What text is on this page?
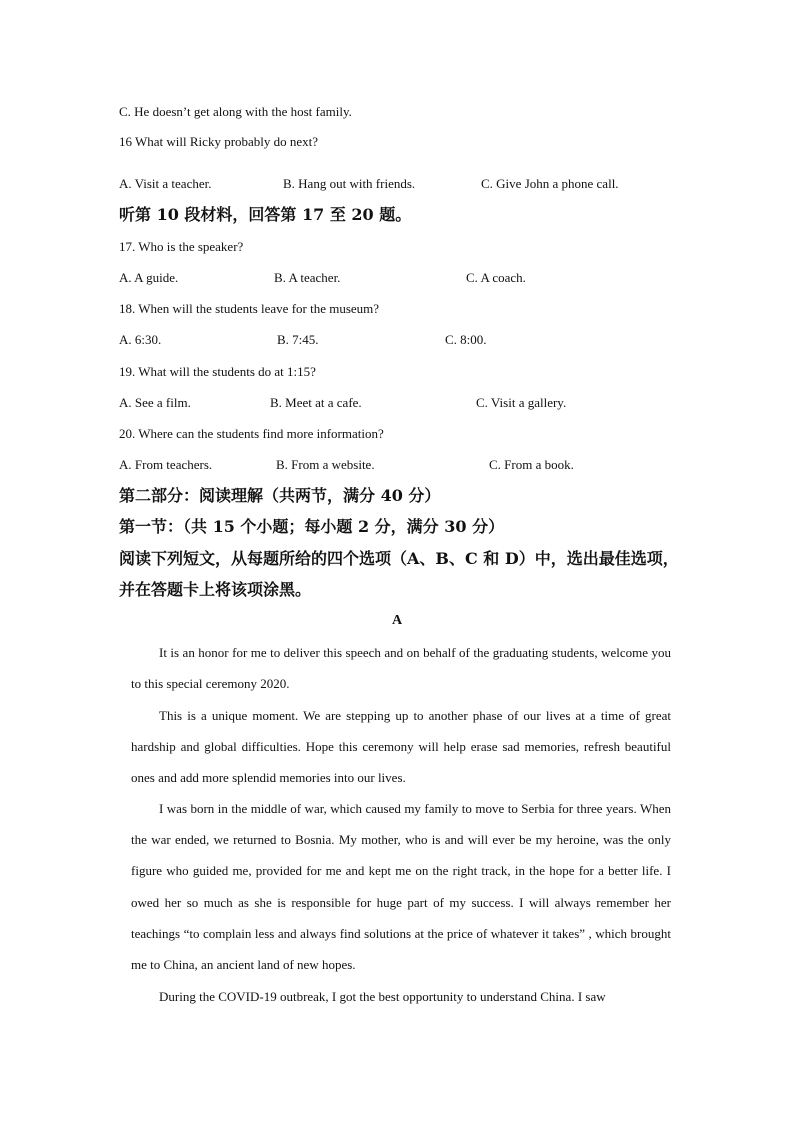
C. He doesn’t get along with the host family.
16 What will Ricky probably do next?
A. Visit a teacher.	B. Hang out with friends.	C. Give John a phone call.
听第 10 段材料，回答第 17 至 20 题。
17. Who is the speaker?
A. A guide.	B. A teacher.	C. A coach.
18. When will the students leave for the museum?
A. 6:30.	B. 7:45.	C. 8:00.
19. What will the students do at 1:15?
A. See a film.	B. Meet at a cafe.	C. Visit a gallery.
20. Where can the students find more information?
A. From teachers.	B. From a website.	C. From a book.
第二部分：阅读理解（共两节，满分 40 分）
第一节：（共 15 个小题；每小题 2 分，满分 30 分）
阅读下列短文，从每题所给的四个选项（A、B、C 和 D）中，选出最佳选项，
并在答题卡上将该项涂黑。
A
It is an honor for me to deliver this speech and on behalf of the graduating students, welcome you to this special ceremony 2020.
This is a unique moment. We are stepping up to another phase of our lives at a time of great hardship and global difficulties. Hope this ceremony will help erase sad memories, refresh beautiful ones and add more splendid memories into our lives.
I was born in the middle of war, which caused my family to move to Serbia for three years. When the war ended, we returned to Bosnia. My mother, who is and will ever be my heroine, was the only figure who guided me, provided for me and kept me on the right track, in the hope for a better life. I owed her so much as she is responsible for huge part of my success. I will always remember her teachings “to complain less and always find solutions at the price of whatever it takes” , which brought me to China, an ancient land of new hopes.
During the COVID-19 outbreak, I got the best opportunity to understand China. I saw
